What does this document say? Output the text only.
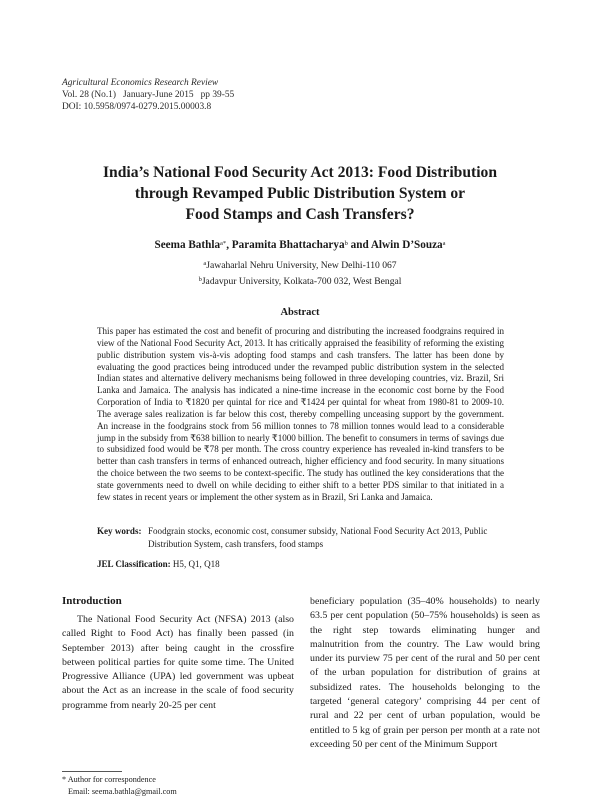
Agricultural Economics Research Review
Vol. 28 (No.1)   January-June 2015   pp 39-55
DOI: 10.5958/0974-0279.2015.00003.8
India’s National Food Security Act 2013: Food Distribution
through Revamped Public Distribution System or
Food Stamps and Cash Transfers?
Seema Bathla$^{a*}$, Paramita Bhattacharya$^b$ and Alwin D’Souza$^a$
$^a$Jawaharlal Nehru University, New Delhi-110 067
$^b$Jadavpur University, Kolkata-700 032, West Bengal
Abstract
This paper has estimated the cost and benefit of procuring and distributing the increased foodgrains required in view of the National Food Security Act, 2013. It has critically appraised the feasibility of reforming the existing public distribution system vis-à-vis adopting food stamps and cash transfers. The latter has been done by evaluating the good practices being introduced under the revamped public distribution system in the selected Indian states and alternative delivery mechanisms being followed in three developing countries, viz. Brazil, Sri Lanka and Jamaica. The analysis has indicated a nine-time increase in the economic cost borne by the Food Corporation of India to ₹1820 per quintal for rice and ₹1424 per quintal for wheat from 1980-81 to 2009-10. The average sales realization is far below this cost, thereby compelling unceasing support by the government. An increase in the foodgrains stock from 56 million tonnes to 78 million tonnes would lead to a considerable jump in the subsidy from ₹638 billion to nearly ₹1000 billion. The benefit to consumers in terms of savings due to subsidized food would be ₹78 per month. The cross country experience has revealed in-kind transfers to be better than cash transfers in terms of enhanced outreach, higher efficiency and food security. In many situations the choice between the two seems to be context-specific. The study has outlined the key considerations that the state governments need to dwell on while deciding to either shift to a better PDS similar to that initiated in a few states in recent years or implement the other system as in Brazil, Sri Lanka and Jamaica.
Key words: Foodgrain stocks, economic cost, consumer subsidy, National Food Security Act 2013, Public Distribution System, cash transfers, food stamps
JEL Classification: H5, Q1, Q18
Introduction

The National Food Security Act (NFSA) 2013 (also called Right to Food Act) has finally been passed (in September 2013) after being caught in the crossfire between political parties for quite some time. The United Progressive Alliance (UPA) led government was upbeat about the Act as an increase in the scale of food security programme from nearly 20-25 per cent

beneficiary population (35–40% households) to nearly 63.5 per cent population (50–75% households) is seen as the right step towards eliminating hunger and malnutrition from the country. The Law would bring under its purview 75 per cent of the rural and 50 per cent of the urban population for distribution of grains at subsidized rates. The households belonging to the targeted ‘general category’ comprising 44 per cent of rural and 22 per cent of urban population, would be entitled to 5 kg of grain per person per month at a rate not exceeding 50 per cent of the Minimum Support

* Author for correspondence
Email: seema.bathla@gmail.com
